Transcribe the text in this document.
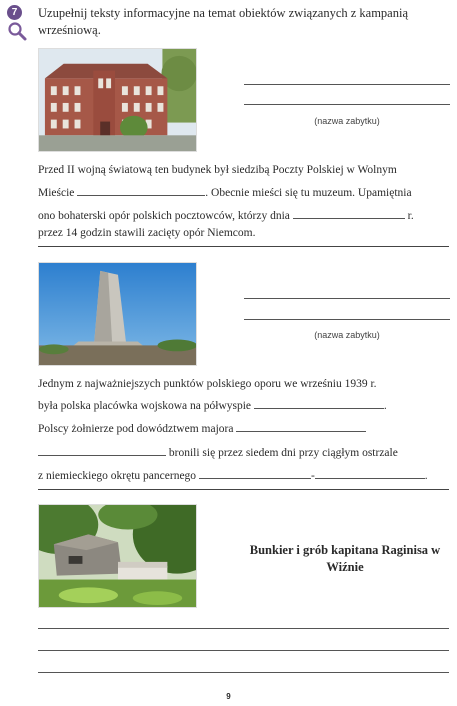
7	Uzupełnij teksty informacyjne na temat obiektów związanych z kampanią wrześniową.
(nazwa zabytku)
Przed II wojną światową ten budynek był siedzibą Poczty Polskiej w Wolnym
Mieście	. Obecnie mieści się tu muzeum. Upamiętnia
ono bohaterski opór polskich pocztowców, którzy dnia	r.
przez 14 godzin stawili zacięty opór Niemcom.
(nazwa zabytku)
Jednym z najważniejszych punktów polskiego oporu we wrześniu 1939 r.
była polska placówka wojskowa na półwyspie	.
Polscy żołnierze pod dowództwem majora
bronili się przez siedem dni przy ciągłym ostrzale
z niemieckiego okrętu pancernego	-	.
Bunkier i grób kapitana Raginisa w Wiźnie
9
